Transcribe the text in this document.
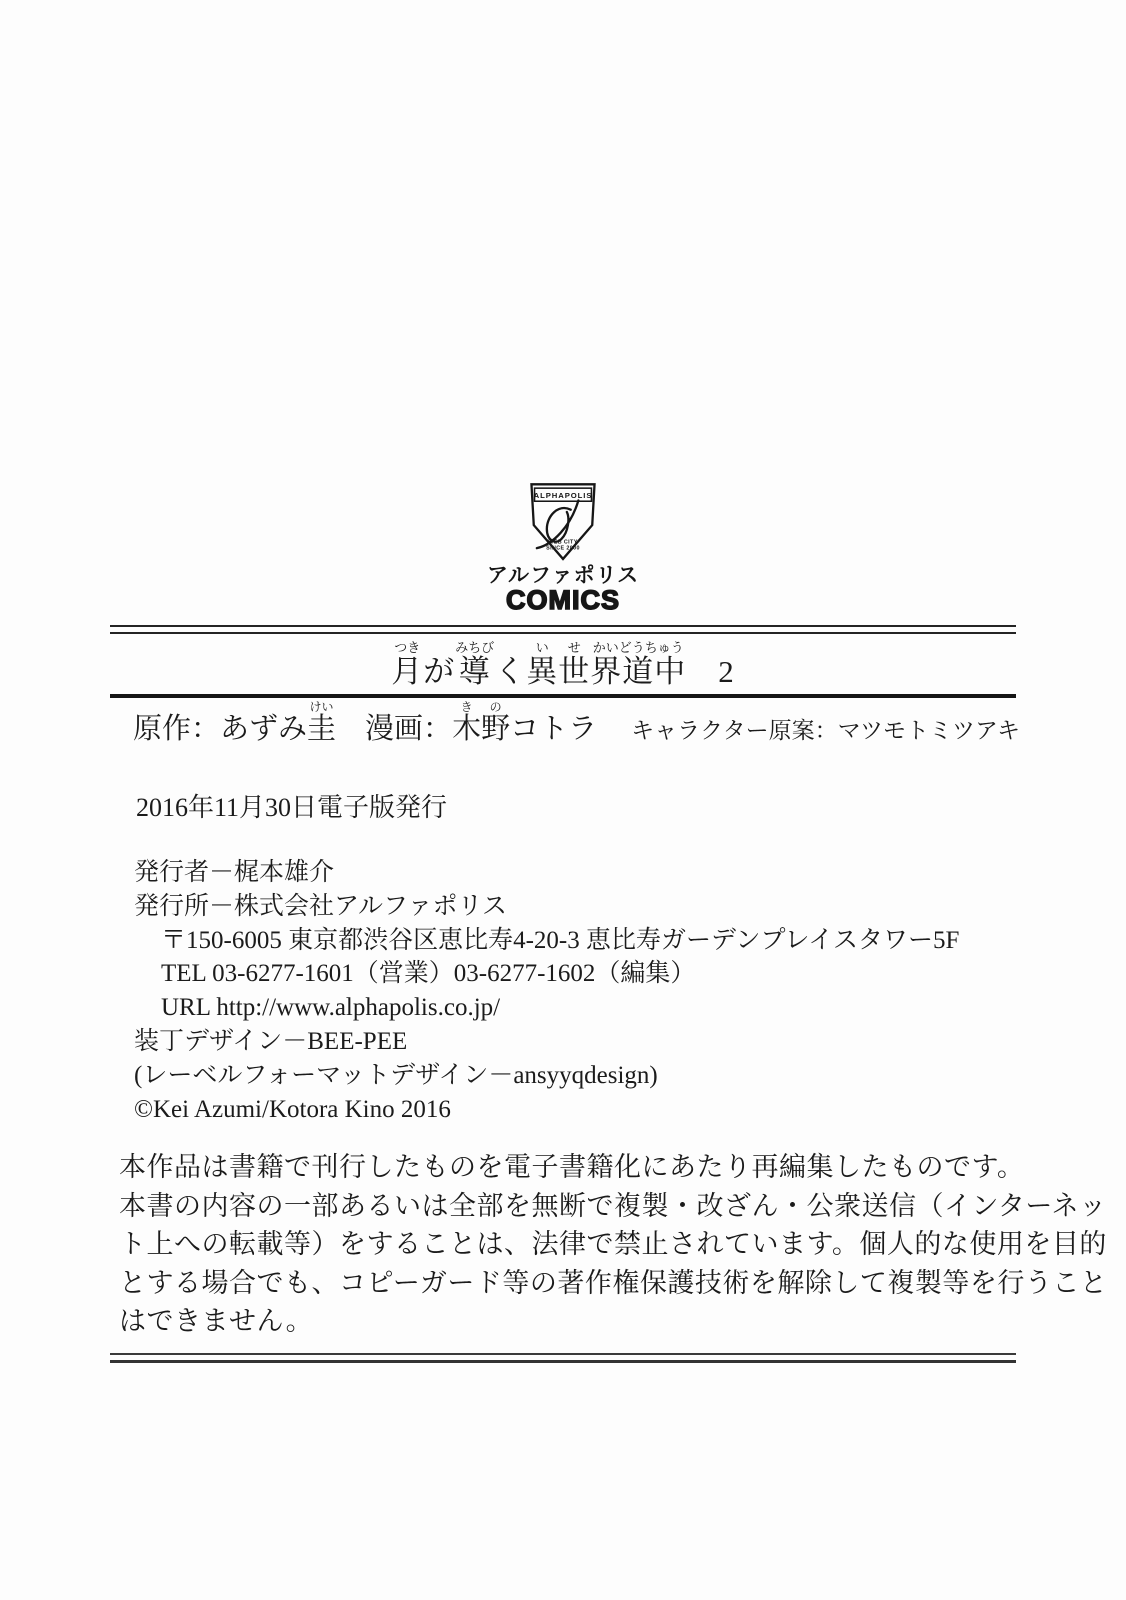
ALPHAPOLIS
WEB CITY
SINCE 2000
アルファポリス
COMICS
月つきが導みちびく異い世せ界道中かいどうちゅう　2
原作：あずみ圭けい　漫画：木き野のコトラ キャラクター原案：マツモトミツアキ
2016年11月30日電子版発行
発行者－梶本雄介
発行所－株式会社アルファポリス
〒150-6005 東京都渋谷区恵比寿4-20-3 恵比寿ガーデンプレイスタワー5F
TEL 03-6277-1601（営業）03-6277-1602（編集）
URL http://www.alphapolis.co.jp/
装丁デザイン－BEE-PEE
(レーベルフォーマットデザイン－ansyyqdesign)
©Kei Azumi/Kotora Kino 2016
本作品は書籍で刊行したものを電子書籍化にあたり再編集したものです。
本書の内容の一部あるいは全部を無断で複製・改ざん・公衆送信（インターネッ
ト上への転載等）をすることは、法律で禁止されています。個人的な使用を目的
とする場合でも、コピーガード等の著作権保護技術を解除して複製等を行うこと
はできません。
